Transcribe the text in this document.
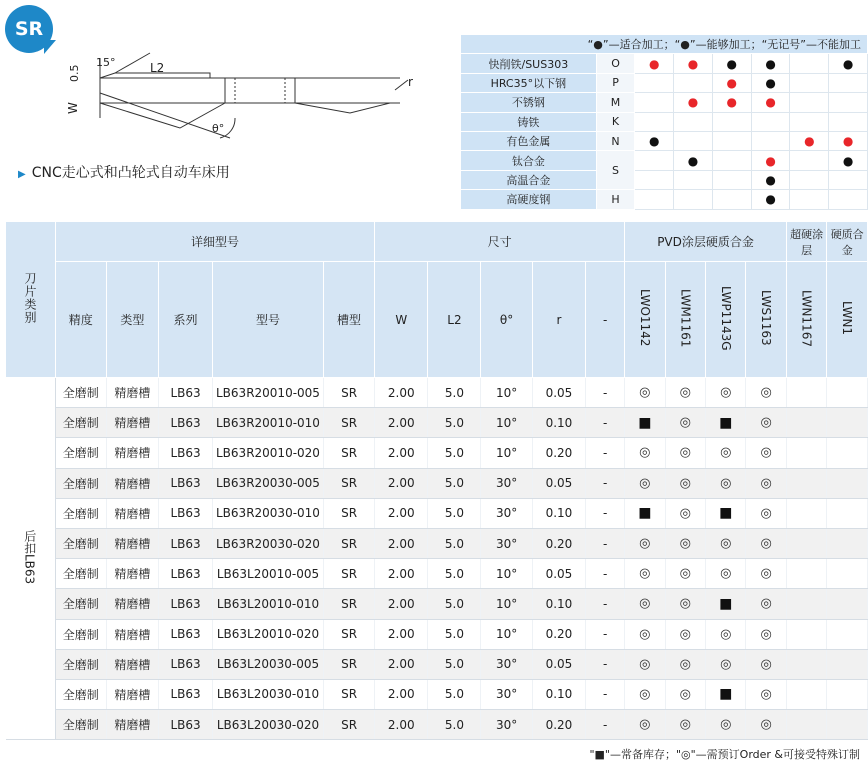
SR
15°
0.5	L2
W
θ°
r
▶ CNC走心式和凸轮式自动车床用
“●”—适合加工；“●”—能够加工；“无记号”—不能加工							
快削铁/SUS303	O	●	●	●	●		●
HRC35°以下钢	P			●	●		
不锈钢	M		●	●	●		
铸铁	K						
有色金属	N	●				●	●
钛合金	S		●		●		●
高温合金					●		
高硬度钢	H				●		
刀片类别	详细型号					尺寸					PVD涂层硬质合金				超硬涂层	硬质合金
	精度	类型	系列	型号	槽型	W	L2	θ°	r	-	LWO1142	LWM1161	LWP1143G	LWS1163	LWN1167	LWN1
后扣LB63	全磨制	精磨槽	LB63	LB63R20010-005	SR	2.00	5.0	10°	0.05	-	◎	◎	◎	◎		
	全磨制	精磨槽	LB63	LB63R20010-010	SR	2.00	5.0	10°	0.10	-	■	◎	■	◎		
	全磨制	精磨槽	LB63	LB63R20010-020	SR	2.00	5.0	10°	0.20	-	◎	◎	◎	◎		
	全磨制	精磨槽	LB63	LB63R20030-005	SR	2.00	5.0	30°	0.05	-	◎	◎	◎	◎		
	全磨制	精磨槽	LB63	LB63R20030-010	SR	2.00	5.0	30°	0.10	-	■	◎	■	◎		
	全磨制	精磨槽	LB63	LB63R20030-020	SR	2.00	5.0	30°	0.20	-	◎	◎	◎	◎		
	全磨制	精磨槽	LB63	LB63L20010-005	SR	2.00	5.0	10°	0.05	-	◎	◎	◎	◎		
	全磨制	精磨槽	LB63	LB63L20010-010	SR	2.00	5.0	10°	0.10	-	◎	◎	■	◎		
	全磨制	精磨槽	LB63	LB63L20010-020	SR	2.00	5.0	10°	0.20	-	◎	◎	◎	◎		
	全磨制	精磨槽	LB63	LB63L20030-005	SR	2.00	5.0	30°	0.05	-	◎	◎	◎	◎		
	全磨制	精磨槽	LB63	LB63L20030-010	SR	2.00	5.0	30°	0.10	-	◎	◎	■	◎		
	全磨制	精磨槽	LB63	LB63L20030-020	SR	2.00	5.0	30°	0.20	-	◎	◎	◎	◎		
"■"—常备库存；"◎"—需预订Order &可接受特殊订制
